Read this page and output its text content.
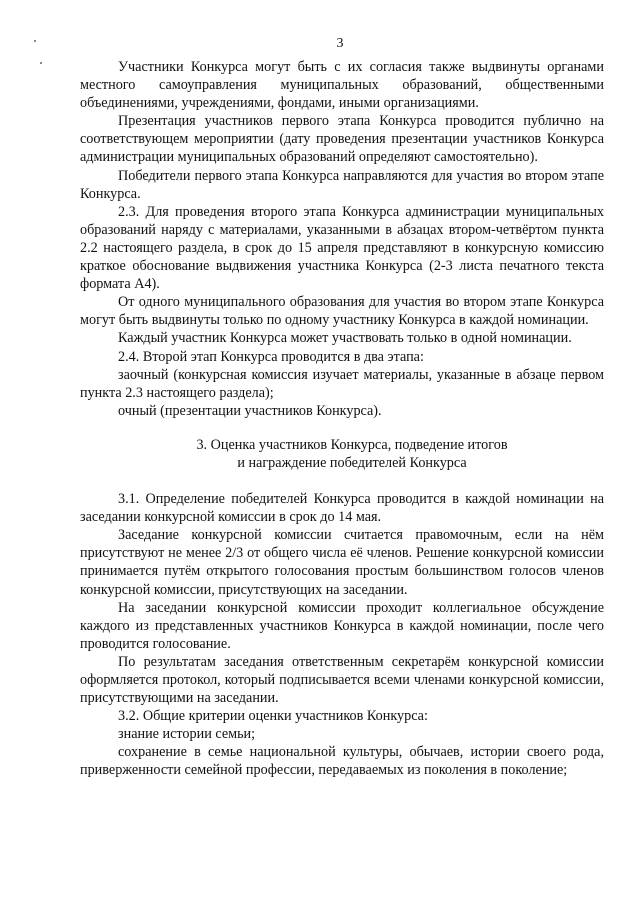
3

Участники Конкурса могут быть с их согласия также выдвинуты органами местного самоуправления муниципальных образований, общественными объединениями, учреждениями, фондами, иными организациями.

Презентация участников первого этапа Конкурса проводится публично на соответствующем мероприятии (дату проведения презентации участников Конкурса администрации муниципальных образований определяют самостоятельно).

Победители первого этапа Конкурса направляются для участия во втором этапе Конкурса.

2.3. Для проведения второго этапа Конкурса администрации муниципальных образований наряду с материалами, указанными в абзацах втором-четвёртом пункта 2.2 настоящего раздела, в срок до 15 апреля представляют в конкурсную комиссию краткое обоснование выдвижения участника Конкурса (2-3 листа печатного текста формата А4).

От одного муниципального образования для участия во втором этапе Конкурса могут быть выдвинуты только по одному участнику Конкурса в каждой номинации.

Каждый участник Конкурса может участвовать только в одной номинации.

2.4. Второй этап Конкурса проводится в два этапа:

заочный (конкурсная комиссия изучает материалы, указанные в абзаце первом пункта 2.3 настоящего раздела);

очный (презентации участников Конкурса).

3. Оценка участников Конкурса, подведение итогов
и награждение победителей Конкурса

3.1. Определение победителей Конкурса проводится в каждой номинации на заседании конкурсной комиссии в срок до 14 мая.

Заседание конкурсной комиссии считается правомочным, если на нём присутствуют не менее 2/3 от общего числа её членов. Решение конкурсной комиссии принимается путём открытого голосования простым большинством голосов членов конкурсной комиссии, присутствующих на заседании.

На заседании конкурсной комиссии проходит коллегиальное обсуждение каждого из представленных участников Конкурса в каждой номинации, после чего проводится голосование.

По результатам заседания ответственным секретарём конкурсной комиссии оформляется протокол, который подписывается всеми членами конкурсной комиссии, присутствующими на заседании.

3.2. Общие критерии оценки участников Конкурса:

знание истории семьи;

сохранение в семье национальной культуры, обычаев, истории своего рода, приверженности семейной профессии, передаваемых из поколения в поколение;
